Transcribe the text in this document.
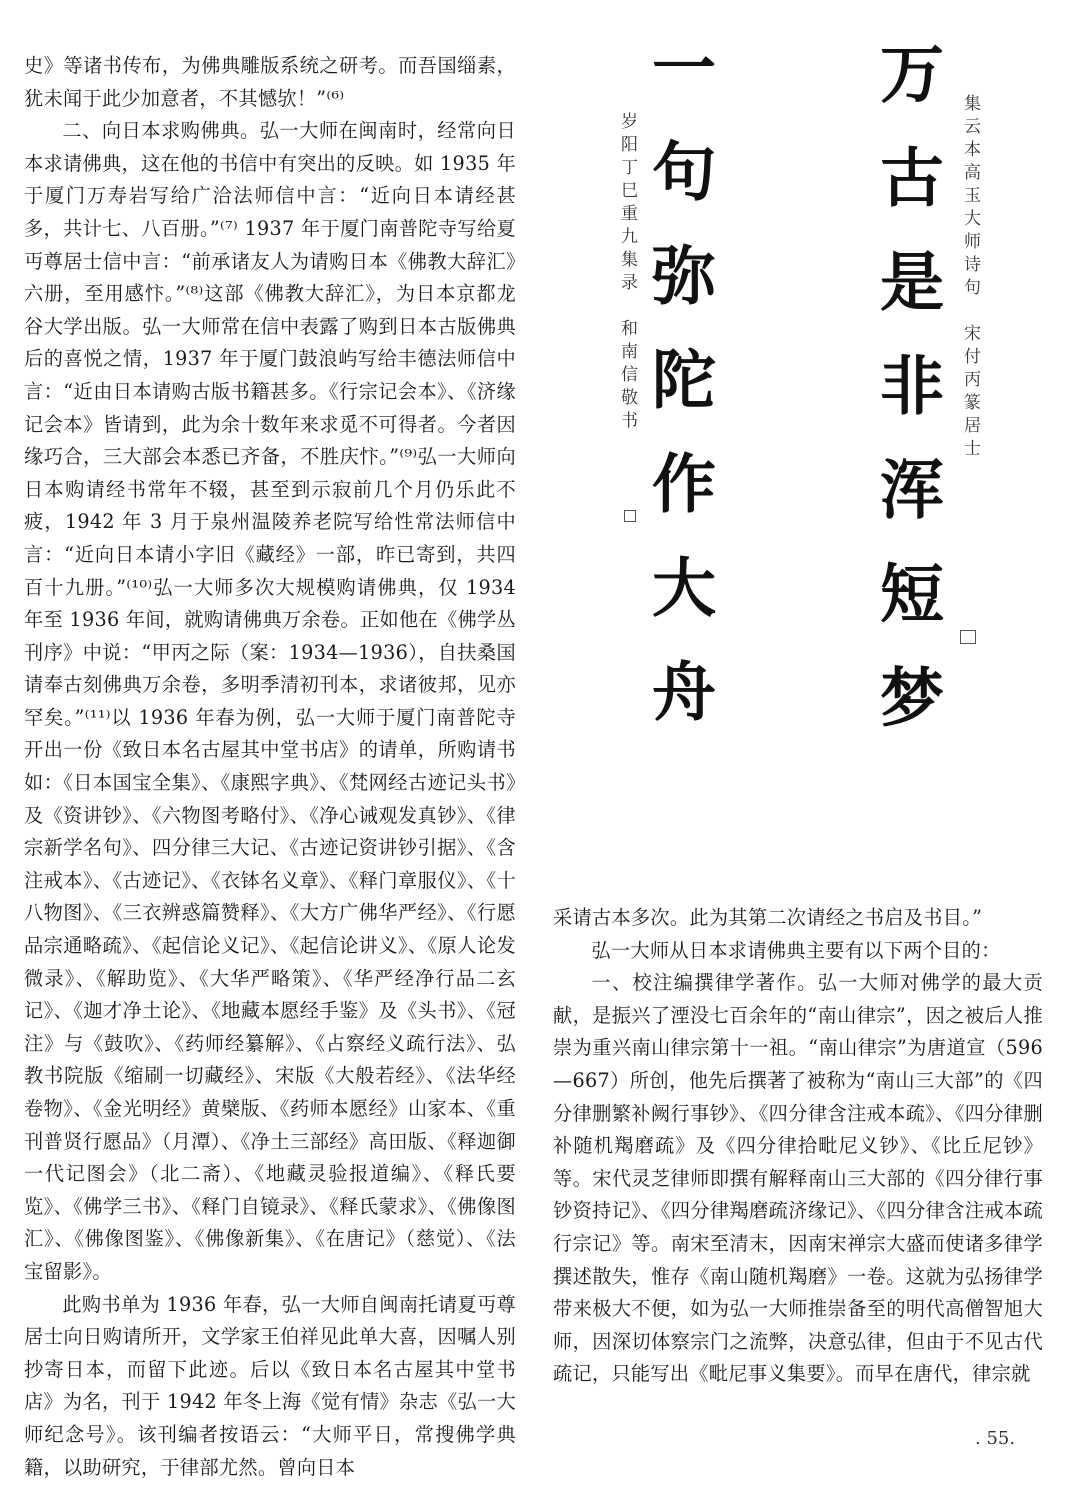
史》等诸书传布，为佛典雕版系统之研考。而吾国缁素，犹未闻于此少加意者，不其憾欤！”⁽⁶⁾

二、向日本求购佛典。弘一大师在闽南时，经常向日本求请佛典，这在他的书信中有突出的反映。如 1935 年于厦门万寿岩写给广洽法师信中言：“近向日本请经甚多，共计七、八百册。”⁽⁷⁾ 1937 年于厦门南普陀寺写给夏丏尊居士信中言：“前承诸友人为请购日本《佛教大辞汇》六册，至用感忭。”⁽⁸⁾这部《佛教大辞汇》，为日本京都龙谷大学出版。弘一大师常在信中表露了购到日本古版佛典后的喜悦之情，1937 年于厦门鼓浪屿写给丰德法师信中言：“近由日本请购古版书籍甚多。《行宗记会本》、《济缘记会本》皆请到，此为余十数年来求觅不可得者。今者因缘巧合，三大部会本悉已齐备，不胜庆忭。”⁽⁹⁾弘一大师向日本购请经书常年不辍，甚至到示寂前几个月仍乐此不疲，1942 年 3 月于泉州温陵养老院写给性常法师信中言：“近向日本请小字旧《藏经》一部，昨已寄到，共四百十九册。”⁽¹⁰⁾弘一大师多次大规模购请佛典，仅 1934 年至 1936 年间，就购请佛典万余卷。正如他在《佛学丛刊序》中说：“甲丙之际（案：1934—1936），自扶桑国请奉古刻佛典万余卷，多明季清初刊本，求诸彼邦，见亦罕矣。”⁽¹¹⁾以 1936 年春为例，弘一大师于厦门南普陀寺开出一份《致日本名古屋其中堂书店》的请单，所购请书如：《日本国宝全集》、《康熙字典》、《梵网经古迹记头书》及《资讲钞》、《六物图考略付》、《净心诫观发真钞》、《律宗新学名句》、四分律三大记、《古迹记资讲钞引据》、《含注戒本》、《古迹记》、《衣钵名义章》、《释门章服仪》、《十八物图》、《三衣辨惑篇赞释》、《大方广佛华严经》、《行愿品宗通略疏》、《起信论义记》、《起信论讲义》、《原人论发微录》、《解助览》、《大华严略策》、《华严经净行品二玄记》、《迦才净土论》、《地藏本愿经手鉴》及《头书》、《冠注》与《鼓吹》、《药师经纂解》、《占察经义疏行法》、弘教书院版《缩刷一切藏经》、宋版《大般若经》、《法华经卷物》、《金光明经》黄檗版、《药师本愿经》山家本、《重刊普贤行愿品》（月潭）、《净土三部经》高田版、《释迦御一代记图会》（北二斋）、《地藏灵验报道编》、《释氏要览》、《佛学三书》、《释门自镜录》、《释氏蒙求》、《佛像图汇》、《佛像图鉴》、《佛像新集》、《在唐记》（慈觉）、《法宝留影》。

此购书单为 1936 年春，弘一大师自闽南托请夏丏尊居士向日购请所开，文学家王伯祥见此单大喜，因嘱人别抄寄日本，而留下此迹。后以《致日本名古屋其中堂书店》为名，刊于 1942 年冬上海《觉有情》杂志《弘一大师纪念号》。该刊编者按语云：“大师平日，常搜佛学典籍，以助研究，于律部尤然。曾向日本

万古是非浑短梦
一句弥陀作大舟	集云本高玉大师诗句　宋付丙篆居士
岁阳丁巳重九集录　和南信敬书

采请古本多次。此为其第二次请经之书启及书目。”

弘一大师从日本求请佛典主要有以下两个目的：

一、校注编撰律学著作。弘一大师对佛学的最大贡献，是振兴了湮没七百余年的“南山律宗”，因之被后人推崇为重兴南山律宗第十一祖。“南山律宗”为唐道宣（596—667）所创，他先后撰著了被称为“南山三大部”的《四分律删繁补阙行事钞》、《四分律含注戒本疏》、《四分律删补随机羯磨疏》及《四分律拾毗尼义钞》、《比丘尼钞》等。宋代灵芝律师即撰有解释南山三大部的《四分律行事钞资持记》、《四分律羯磨疏济缘记》、《四分律含注戒本疏行宗记》等。南宋至清末，因南宋禅宗大盛而使诸多律学撰述散失，惟存《南山随机羯磨》一卷。这就为弘扬律学带来极大不便，如为弘一大师推崇备至的明代高僧智旭大师，因深切体察宗门之流弊，决意弘律，但由于不见古代疏记，只能写出《毗尼事义集要》。而早在唐代，律宗就

. 55.
